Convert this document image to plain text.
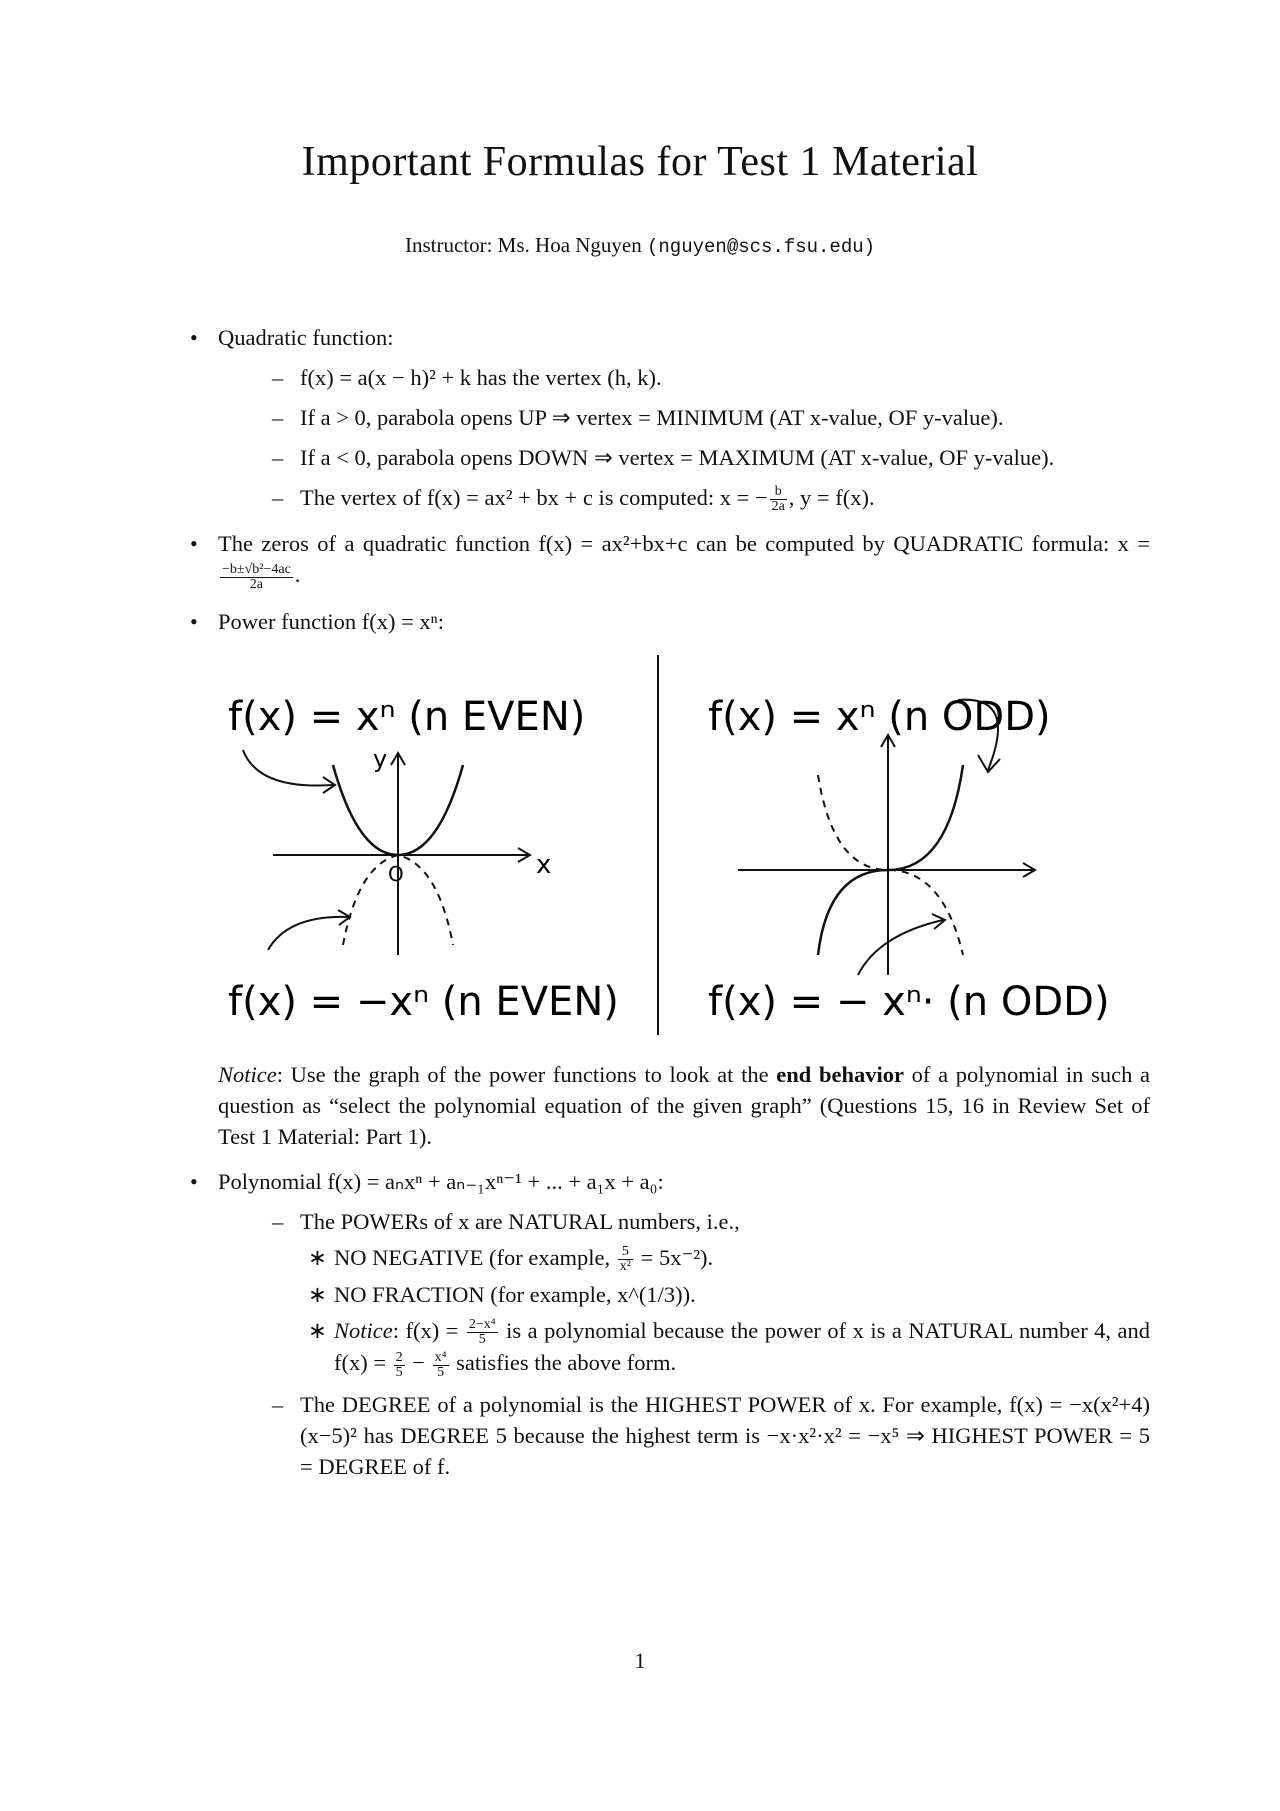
Important Formulas for Test 1 Material
Instructor: Ms. Hoa Nguyen (nguyen@scs.fsu.edu)
• Quadratic function:
– f(x) = a(x − h)² + k has the vertex (h, k).
– If a > 0, parabola opens UP ⇒ vertex = MINIMUM (AT x-value, OF y-value).
– If a < 0, parabola opens DOWN ⇒ vertex = MAXIMUM (AT x-value, OF y-value).
– The vertex of f(x) = ax² + bx + c is computed: x = − $\frac{b}{2a}$ , y = f(x).
• The zeros of a quadratic function f(x) = ax²+bx+c can be computed by QUADRATIC formula: x =
$\frac{\text{−b±√b²−4ac}}{2a}$ .
• Power function f(x) = xⁿ:
f(x) = xⁿ (n EVEN)
f(x) = −xⁿ (n EVEN)
x
y
O
f(x) = xⁿ (n ODD)
f(x) = − xⁿ· (n ODD)
Notice: Use the graph of the power functions to look at the end behavior of a polynomial in such a question as “select the polynomial equation of the given graph” (Questions 15, 16 in Review Set of Test 1 Material: Part 1).
• Polynomial f(x) = aₙxⁿ + aₙ₋₁xⁿ⁻¹ + ... + a₁x + a₀:
– The POWERs of x are NATURAL numbers, i.e.,
∗ NO NEGATIVE (for example, $\frac{5}{\text{x²}} = 5x^{-2}$).
∗ NO FRACTION (for example, x^(1/3)).
∗ Notice: $f(x) = \frac{\text{2−x⁴}}{5}$ is a polynomial because the power of x is a NATURAL number 4, and $f(x) = \frac{2}{5} - \frac{\text{x⁴}}{5}$ satisfies the above form.
– The DEGREE of a polynomial is the HIGHEST POWER of x. For example, f(x) = −x(x²+4)(x−5)² has DEGREE 5 because the highest term is −x·x²·x² = −x⁵ ⇒ HIGHEST POWER = 5 = DEGREE of f.
1
